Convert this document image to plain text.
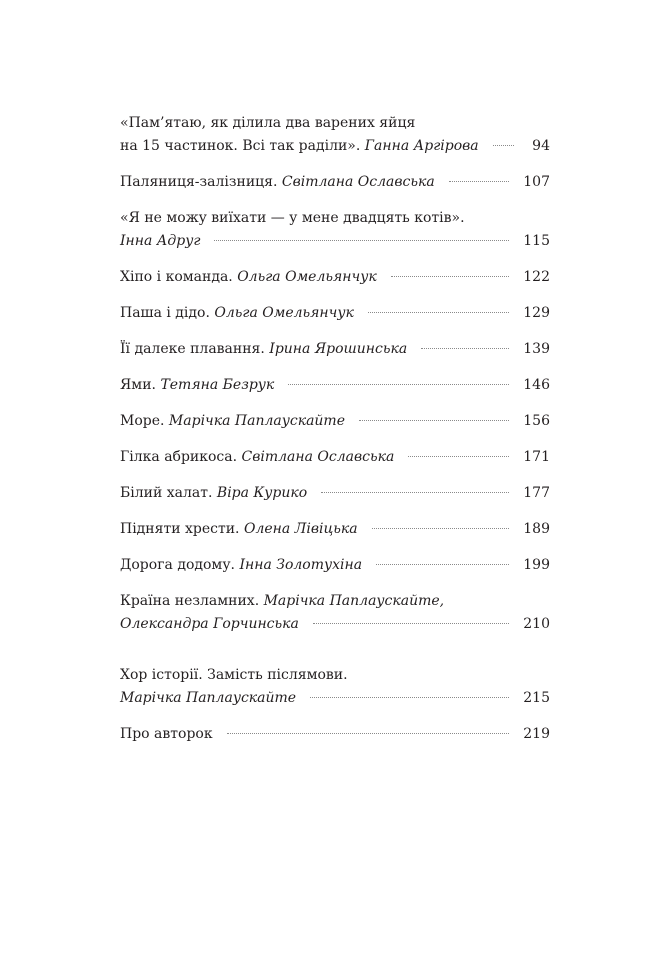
«Пам’ятаю, як ділила два варених яйця
на 15 частинок. Всі так раділи».
Ганна Аргірова	94
Паляниця-залізниця.
Світлана Ославська	107
«Я не можу виїхати — у мене двадцять котів».
Інна Адруг	115
Хіпо і команда.
Ольга Омельянчук	122
Паша і дідо.
Ольга Омельянчук	129
Її далеке плавання.
Ірина Ярошинська	139
Ями.
Тетяна Безрук	146
Море.
Марічка Паплаускайте	156
Гілка абрикоса.
Світлана Ославська	171
Білий халат.
Віра Курико	177
Підняти хрести.
Олена Лівіцька	189
Дорога додому.
Інна Золотухіна	199
Країна незламних. Марічка Паплаускайте,
Олександра Горчинська	210
Хор історії. Замість післямови.
Марічка Паплаускайте	215
Про авторок	219
